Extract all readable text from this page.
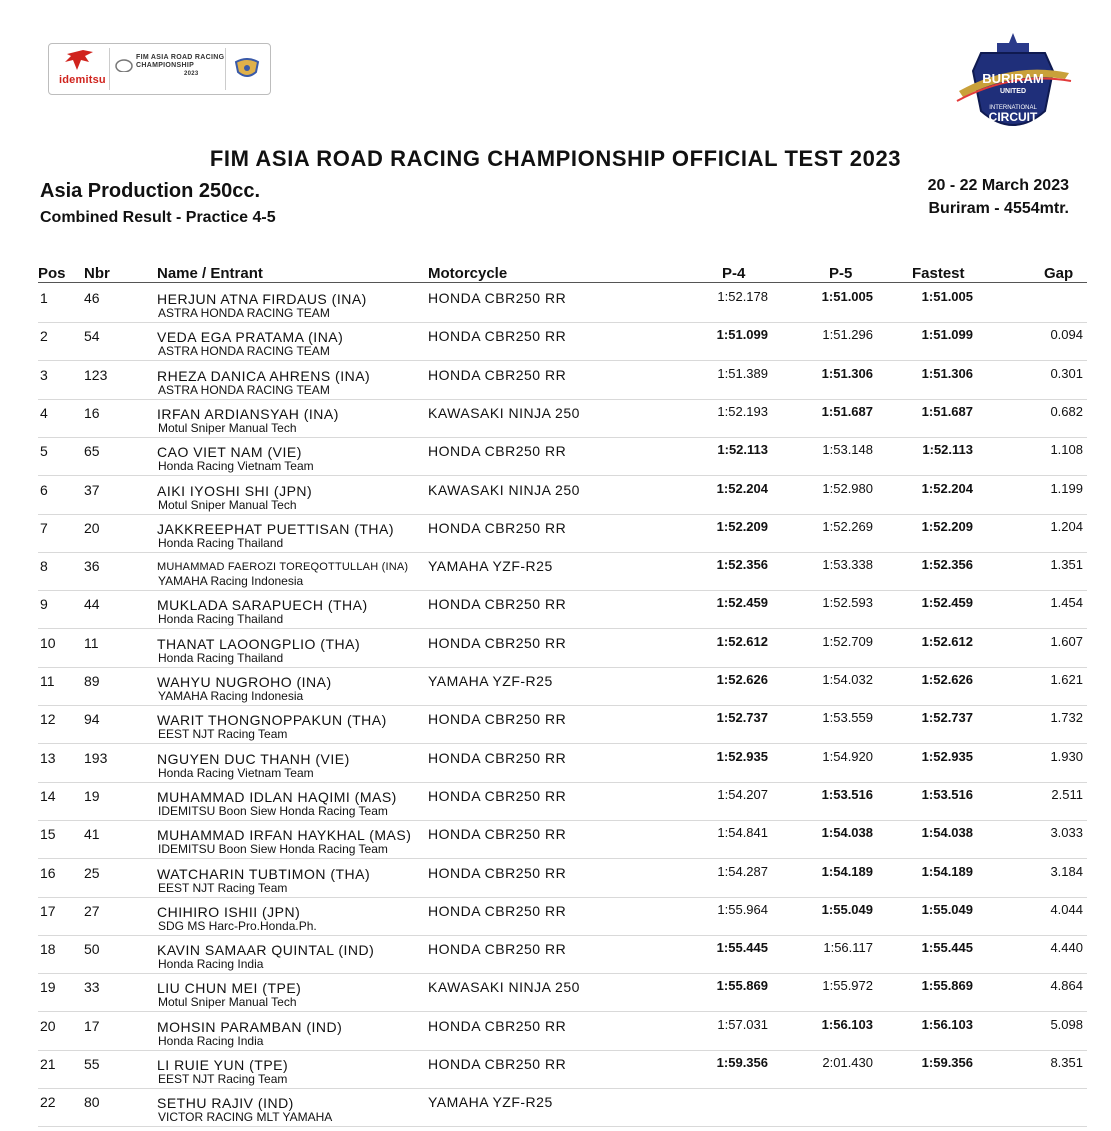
idemitsu
FIM ASIA ROAD RACING
CHAMPIONSHIP
2023	BURIRAM
UNITED
INTERNATIONAL
CIRCUIT
FIM ASIA ROAD RACING CHAMPIONSHIP OFFICIAL TEST 2023
Asia Production 250cc.
Combined Result - Practice 4-5
20 - 22 March 2023
Buriram - 4554mtr.
Pos Nbr	Name / Entrant	Motorcycle	P-4	P-5	Fastest	Gap
1	46	HERJUN ATNA FIRDAUS (INA)
ASTRA HONDA RACING TEAM
HONDA CBR250 RR	1:52.178	1:51.005	1:51.005
2	54	VEDA EGA PRATAMA (INA)
ASTRA HONDA RACING TEAM
HONDA CBR250 RR	1:51.099	1:51.296	1:51.099	0.094
3	123	RHEZA DANICA AHRENS (INA)
ASTRA HONDA RACING TEAM
HONDA CBR250 RR	1:51.389	1:51.306	1:51.306	0.301
4	16	IRFAN ARDIANSYAH (INA)
Motul Sniper Manual Tech
KAWASAKI NINJA 250	1:52.193	1:51.687	1:51.687	0.682
5	65	CAO VIET NAM (VIE)
Honda Racing Vietnam Team
HONDA CBR250 RR	1:52.113	1:53.148	1:52.113	1.108
6	37	AIKI IYOSHI SHI (JPN)
Motul Sniper Manual Tech
KAWASAKI NINJA 250	1:52.204	1:52.980	1:52.204	1.199
7	20	JAKKREEPHAT PUETTISAN (THA)
Honda Racing Thailand
HONDA CBR250 RR	1:52.209	1:52.269	1:52.209	1.204
8	36	MUHAMMAD FAEROZI TOREQOTTULLAH (INA)
YAMAHA Racing Indonesia
YAMAHA YZF-R25	1:52.356	1:53.338	1:52.356	1.351
9	44	MUKLADA SARAPUECH (THA)
Honda Racing Thailand
HONDA CBR250 RR	1:52.459	1:52.593	1:52.459	1.454
10 11	THANAT LAOONGPLIO (THA)
Honda Racing Thailand
HONDA CBR250 RR	1:52.612	1:52.709	1:52.612	1.607
11 89	WAHYU NUGROHO (INA)
YAMAHA Racing Indonesia
YAMAHA YZF-R25	1:52.626	1:54.032	1:52.626	1.621
12 94	WARIT THONGNOPPAKUN (THA)
EEST NJT Racing Team
HONDA CBR250 RR	1:52.737	1:53.559	1:52.737	1.732
13 193	NGUYEN DUC THANH (VIE)
Honda Racing Vietnam Team
HONDA CBR250 RR	1:52.935	1:54.920	1:52.935	1.930
14 19	MUHAMMAD IDLAN HAQIMI (MAS)
IDEMITSU Boon Siew Honda Racing Team
HONDA CBR250 RR	1:54.207	1:53.516	1:53.516	2.511
15 41	MUHAMMAD IRFAN HAYKHAL (MAS)
IDEMITSU Boon Siew Honda Racing Team
HONDA CBR250 RR	1:54.841	1:54.038	1:54.038	3.033
16 25	WATCHARIN TUBTIMON (THA)
EEST NJT Racing Team
HONDA CBR250 RR	1:54.287	1:54.189	1:54.189	3.184
17 27	CHIHIRO ISHII (JPN)
SDG MS Harc-Pro.Honda.Ph.
HONDA CBR250 RR	1:55.964	1:55.049	1:55.049	4.044
18 50	KAVIN SAMAAR QUINTAL (IND)
Honda Racing India
HONDA CBR250 RR	1:55.445	1:56.117	1:55.445	4.440
19 33	LIU CHUN MEI (TPE)
Motul Sniper Manual Tech
KAWASAKI NINJA 250	1:55.869	1:55.972	1:55.869	4.864
20 17	MOHSIN PARAMBAN (IND)
Honda Racing India
HONDA CBR250 RR	1:57.031	1:56.103	1:56.103	5.098
21 55	LI RUIE YUN (TPE)
EEST NJT Racing Team
HONDA CBR250 RR	1:59.356	2:01.430	1:59.356	8.351
22 80	SETHU RAJIV (IND)
VICTOR RACING MLT YAMAHA
YAMAHA YZF-R25
